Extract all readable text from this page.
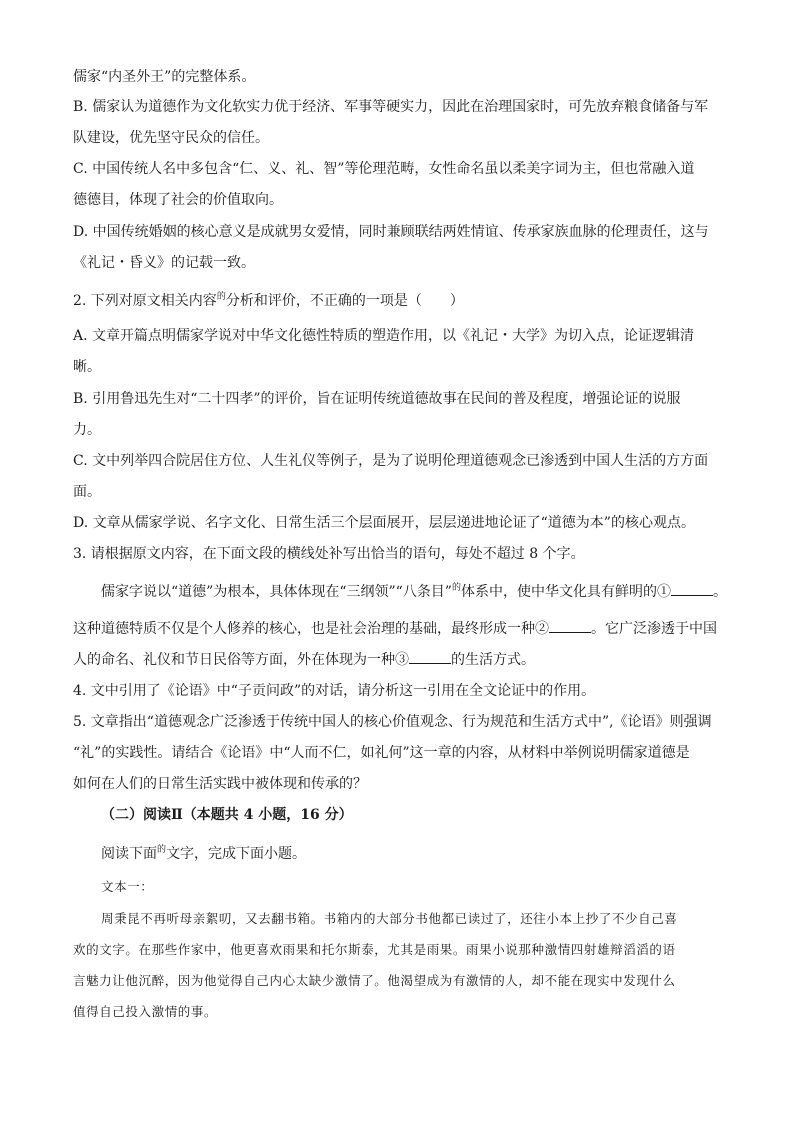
儒家“内圣外王”的完整体系。
B. 儒家认为道德作为文化软实力优于经济、军事等硬实力，因此在治理国家时，可先放弃粮食储备与军
队建设，优先坚守民众的信任。
C. 中国传统人名中多包含“仁、义、礼、智”等伦理范畴，女性命名虽以柔美字词为主，但也常融入道
德德目，体现了社会的价值取向。
D. 中国传统婚姻的核心意义是成就男女爱情，同时兼顾联结两姓情谊、传承家族血脉的伦理责任，这与
《礼记・昏义》的记载一致。
2. 下列对原文相关内容$^的$分析和评价，不正确的一项是（　　）
A. 文章开篇点明儒家学说对中华文化德性特质的塑造作用，以《礼记・大学》为切入点，论证逻辑清
晰。
B. 引用鲁迅先生对“二十四孝”的评价，旨在证明传统道德故事在民间的普及程度，增强论证的说服
力。
C. 文中列举四合院居住方位、人生礼仪等例子，是为了说明伦理道德观念已渗透到中国人生活的方方面
面。
D. 文章从儒家学说、名字文化、日常生活三个层面展开，层层递进地论证了“道德为本”的核心观点。
3. 请根据原文内容，在下面文段的横线处补写出恰当的语句，每处不超过 8 个字。
儒家字说以“道德”为根本，具体体现在“三纲领”“八条目”$^的$体系中，使中华文化具有鲜明的①	。
这种道德特质不仅是个人修养的核心，也是社会治理的基础，最终形成一种②	。它广泛渗透于中国
人的命名、礼仪和节日民俗等方面，外在体现为一种③	的生活方式。
4. 文中引用了《论语》中“子贡问政”的对话，请分析这一引用在全文论证中的作用。
5. 文章指出“道德观念广泛渗透于传统中国人的核心价值观念、行为规范和生活方式中”,《论语》则强调
“礼”的实践性。请结合《论语》中“人而不仁，如礼何”这一章的内容，从材料中举例说明儒家道德是
如何在人们的日常生活实践中被体现和传承的？
（二）阅读Ⅱ（本题共 4 小题，16 分）
阅读下面$^的$文字，完成下面小题。
文本一：
周秉昆不再听母亲絮叨，又去翻书箱。书箱内的大部分书他都已读过了，还往小本上抄了不少自己喜
欢的文字。在那些作家中，他更喜欢雨果和托尔斯泰，尤其是雨果。雨果小说那种激情四射雄辩滔滔的语
言魅力让他沉醉，因为他觉得自己内心太缺少激情了。他渴望成为有激情的人，却不能在现实中发现什么
值得自己投入激情的事。
